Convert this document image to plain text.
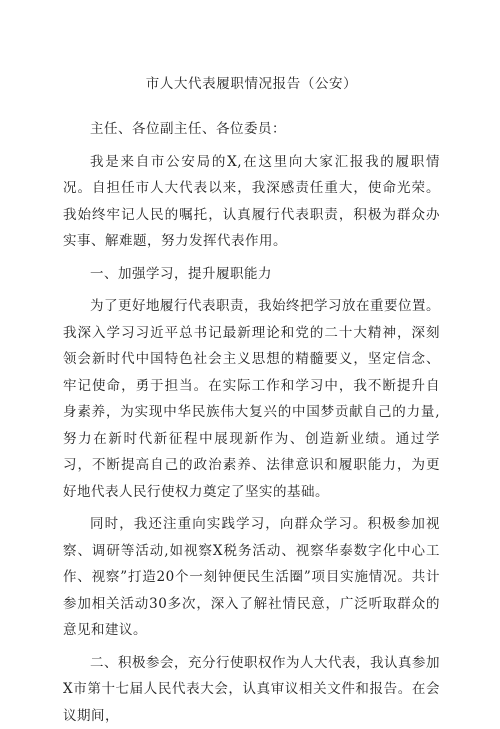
市人大代表履职情况报告（公安）

主任、各位副主任、各位委员：

我是来自市公安局的X,在这里向大家汇报我的履职情况。自担任市人大代表以来，我深感责任重大，使命光荣。我始终牢记人民的嘱托，认真履行代表职责，积极为群众办实事、解难题，努力发挥代表作用。

一、加强学习，提升履职能力

为了更好地履行代表职责，我始终把学习放在重要位置。我深入学习习近平总书记最新理论和党的二十大精神，深刻领会新时代中国特色社会主义思想的精髓要义，坚定信念、牢记使命，勇于担当。在实际工作和学习中，我不断提升自身素养，为实现中华民族伟大复兴的中国梦贡献自己的力量,努力在新时代新征程中展现新作为、创造新业绩。通过学习，不断提高自己的政治素养、法律意识和履职能力，为更好地代表人民行使权力奠定了坚实的基础。

同时，我还注重向实践学习，向群众学习。积极参加视察、调研等活动,如视察X税务活动、视察华泰数字化中心工作、视察”打造20个一刻钟便民生活圈”项目实施情况。共计参加相关活动30多次，深入了解社情民意，广泛听取群众的意见和建议。

二、积极参会，充分行使职权作为人大代表，我认真参加X市第十七届人民代表大会，认真审议相关文件和报告。在会议期间，
